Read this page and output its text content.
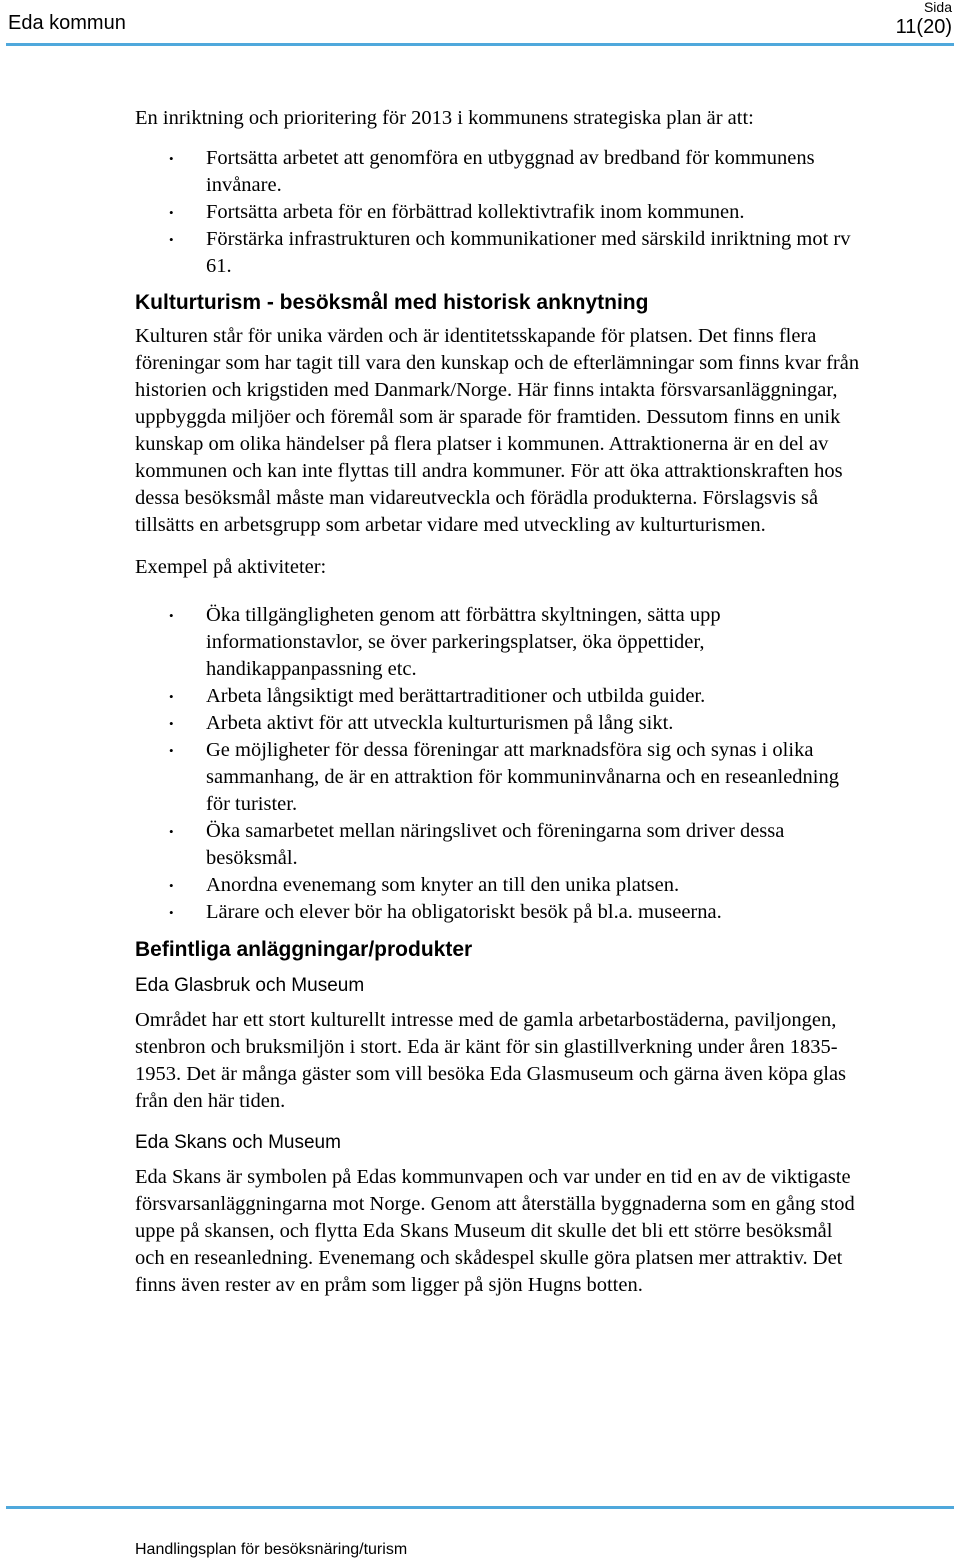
Eda kommun
Sida
11(20)

En inriktning och prioritering för 2013 i kommunens strategiska plan är att:

• Fortsätta arbetet att genomföra en utbyggnad av bredband för kommunens invånare.
• Fortsätta arbeta för en förbättrad kollektivtrafik inom kommunen.
• Förstärka infrastrukturen och kommunikationer med särskild inriktning mot rv 61.
Kulturturism - besöksmål med historisk anknytning

Kulturen står för unika värden och är identitetsskapande för platsen. Det finns flera föreningar som har tagit till vara den kunskap och de efterlämningar som finns kvar från historien och krigstiden med Danmark/Norge. Här finns intakta försvarsanläggningar, uppbyggda miljöer och föremål som är sparade för framtiden. Dessutom finns en unik kunskap om olika händelser på flera platser i kommunen. Attraktionerna är en del av kommunen och kan inte flyttas till andra kommuner. För att öka attraktionskraften hos dessa besöksmål måste man vidareutveckla och förädla produkterna. Förslagsvis så tillsätts en arbetsgrupp som arbetar vidare med utveckling av kulturturismen.

Exempel på aktiviteter:

• Öka tillgängligheten genom att förbättra skyltningen, sätta upp informationstavlor, se över parkeringsplatser, öka öppettider, handikappanpassning etc.
• Arbeta långsiktigt med berättartraditioner och utbilda guider.
• Arbeta aktivt för att utveckla kulturturismen på lång sikt.
• Ge möjligheter för dessa föreningar att marknadsföra sig och synas i olika sammanhang, de är en attraktion för kommuninvånarna och en reseanledning för turister.
• Öka samarbetet mellan näringslivet och föreningarna som driver dessa besöksmål.
• Anordna evenemang som knyter an till den unika platsen.
• Lärare och elever bör ha obligatoriskt besök på bl.a. museerna.
Befintliga anläggningar/produkter
Eda Glasbruk och Museum

Området har ett stort kulturellt intresse med de gamla arbetarbostäderna, paviljongen, stenbron och bruksmiljön i stort. Eda är känt för sin glastillverkning under åren 1835-1953. Det är många gäster som vill besöka Eda Glasmuseum och gärna även köpa glas från den här tiden.

Eda Skans och Museum

Eda Skans är symbolen på Edas kommunvapen och var under en tid en av de viktigaste försvarsanläggningarna mot Norge. Genom att återställa byggnaderna som en gång stod uppe på skansen, och flytta Eda Skans Museum dit skulle det bli ett större besöksmål och en reseanledning. Evenemang och skådespel skulle göra platsen mer attraktiv. Det finns även rester av en pråm som ligger på sjön Hugns botten.

Handlingsplan för besöksnäring/turism
